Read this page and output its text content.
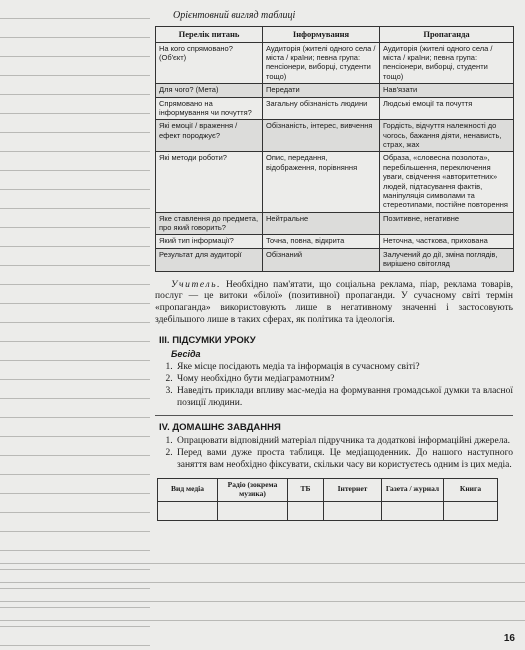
Орієнтовний вигляд таблиці
Перелік питань	Інформування	Пропаганда
На кого спрямовано? (Об'єкт)	Аудиторія (жителі одного села / міста / країни; певна група: пенсіонери, виборці, студенти тощо)	Аудиторія (жителі одного села / міста / країни; певна група: пенсіонери, виборці, студенти тощо)
Для чого? (Мета)	Передати	Нав'язати
Спрямовано на інформування чи почуття?	Загальну обізнаність людини	Людські емоції та почуття
Які емоції / враження / ефект породжує?	Обізнаність, інтерес, вивчення	Гордість, відчуття належності до чогось, бажання діяти, ненависть, страх, жах
Які методи роботи?	Опис, передання, відображення, порівняння	Образа, «словесна позолота», перебільшення, переключення уваги, свідчення «авторитетних» людей, підтасування фактів, маніпуляція символами та стереотипами, постійне повторення
Яке ставлення до предмета, про який говорить?	Нейтральне	Позитивне, негативне
Який тип інформації?	Точна, повна, відкрита	Неточна, часткова, прихована
Результат для аудиторії	Обізнаний	Залучений до дії, зміна поглядів, вирішено світогляд

Учитель. Необхідно пам'ятати, що соціальна реклама, піар, реклама товарів, послуг — це витоки «білої» (позитивної) пропаганди. У сучасному світі термін «пропаганда» використовують лише в негативному значенні і застосовують здебільшого лише в таких сферах, як політика та ідеологія.

III. ПІДСУМКИ УРОКУ
Бесіда
1. Яке місце посідають медіа та інформація в сучасному світі?
2. Чому необхідно бути медіаграмотним?
3. Наведіть приклади впливу мас-медіа на формування громадської думки та власної позиції людини.
IV. ДОМАШНЄ ЗАВДАННЯ
1. Опрацювати відповідний матеріал підручника та додаткові інформаційні джерела.
2. Перед вами дуже проста таблиця. Це медіащоденник. До нашого наступного заняття вам необхідно фіксувати, скільки часу ви користуєтесь одним із цих медіа.
Вид медіа	Радіо (зокрема музика)	ТБ	Інтернет	Газета / журнал	Книга

16
